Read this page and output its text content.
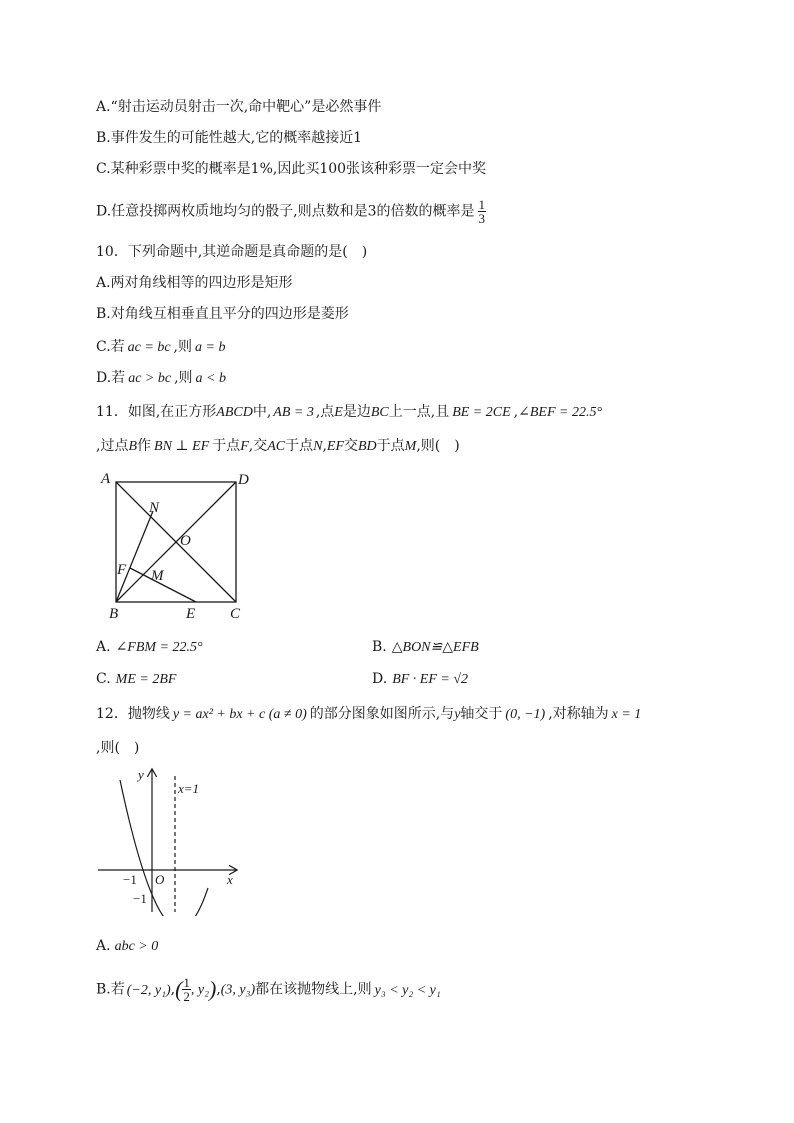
A.“射击运动员射击一次,命中靶心”是必然事件
B.事件发生的可能性越大,它的概率越接近1
C.某种彩票中奖的概率是1%,因此买100张该种彩票一定会中奖
D.任意投掷两枚质地均匀的骰子,则点数和是3的倍数的概率是 $\frac{1}{3}$
10．下列命题中,其逆命题是真命题的是(　)
A.两对角线相等的四边形是矩形
B.对角线互相垂直且平分的四边形是菱形
C.若 ac = bc ,则 a = b
D.若 ac > bc ,则 a < b
11．如图,在正方形ABCD中, AB = 3 ,点E是边BC上一点,且 BE = 2CE ,∠BEF = 22.5°
,过点B作 BN ⊥ EF 于点F,交AC于点N,EF交BD于点M,则(　)
A	D
N
O
F M
B	E C
A. ∠FBM = 22.5°	B. △BON≌△EFB
C. ME = 2BF	D. BF · EF = √2
12．抛物线 y = ax² + bx + c (a ≠ 0) 的部分图象如图所示,与y轴交于 (0, −1) ,对称轴为 x = 1
,则(　)
y
x
x=1
−1 O
−1
A. abc > 0
B.若 (−2, $y_1),( \frac{1}{2}$ , y₂),(3, y₃)都在该抛物线上,则 y₃ < y₂ < y₁
